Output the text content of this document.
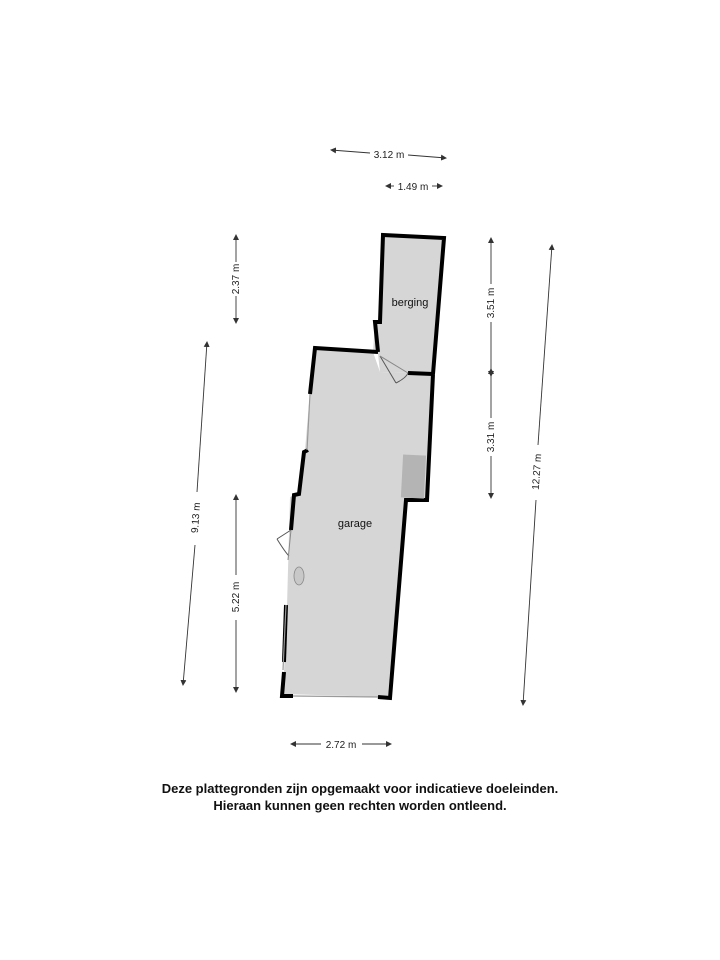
berging
garage
3.12 m
1.49 m
2.37 m
3.51 m
3.31 m
12.27 m
9.13 m
5.22 m
2.72 m
Deze plattegronden zijn opgemaakt voor indicatieve doeleinden.
Hieraan kunnen geen rechten worden ontleend.
